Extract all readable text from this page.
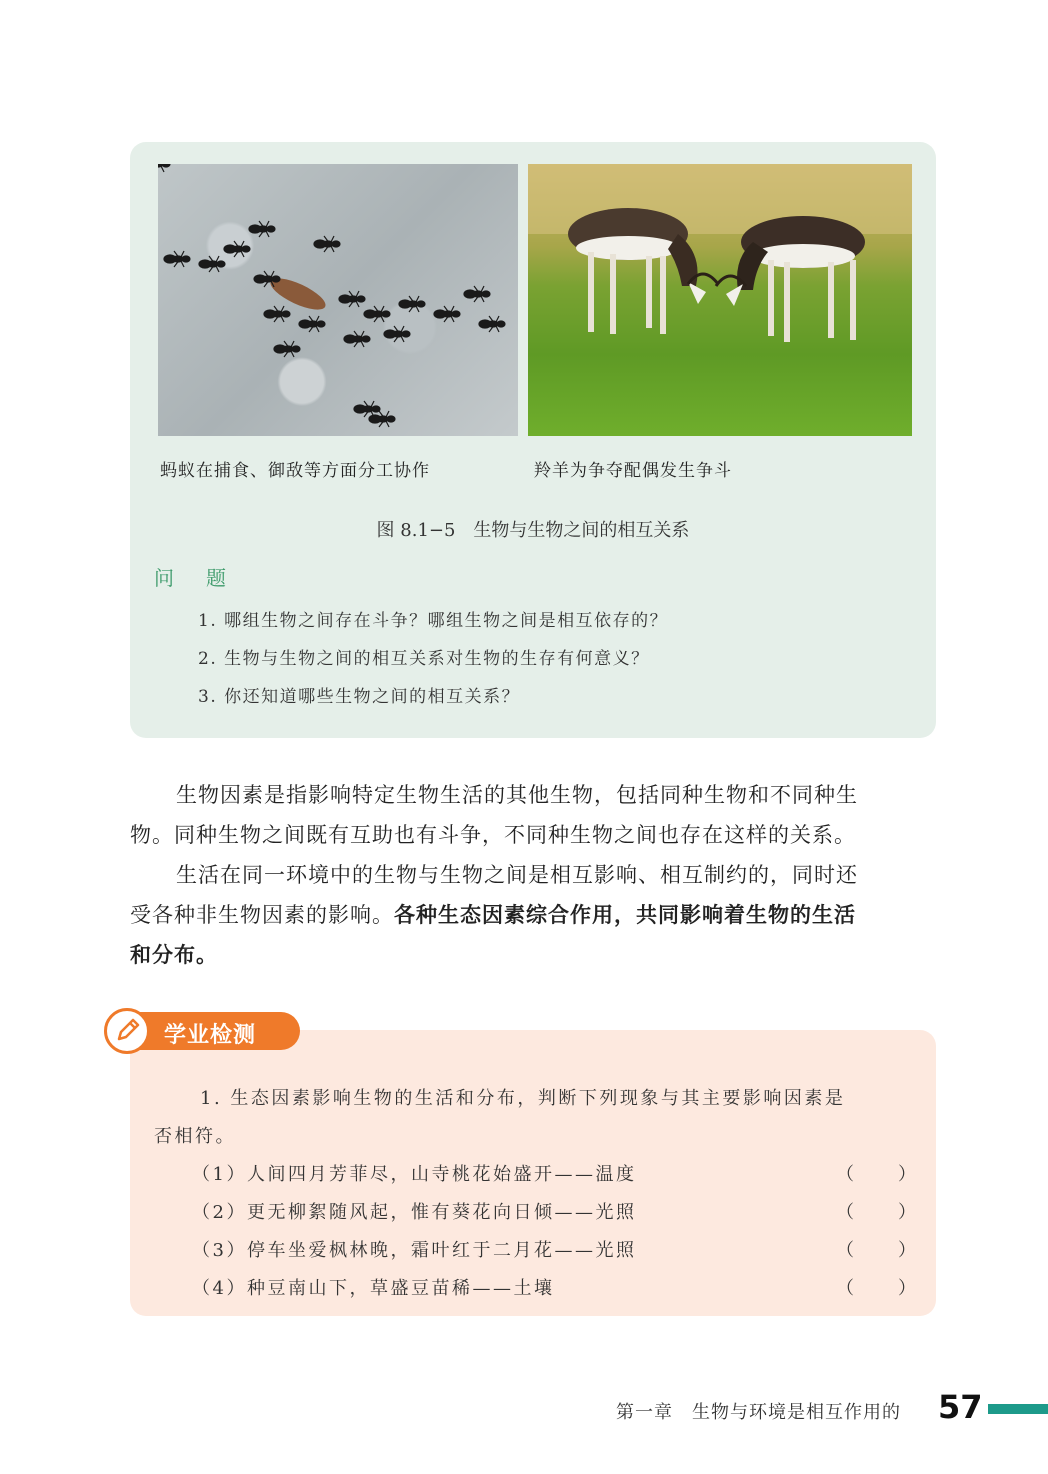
蚂蚁在捕食、御敌等方面分工协作	羚羊为争夺配偶发生争斗
图 8.1−5　生物与生物之间的相互关系
问　题
1. 哪组生物之间存在斗争？哪组生物之间是相互依存的？
2. 生物与生物之间的相互关系对生物的生存有何意义？
3. 你还知道哪些生物之间的相互关系？
生物因素是指影响特定生物生活的其他生物，包括同种生物和不同种生
物。同种生物之间既有互助也有斗争，不同种生物之间也存在这样的关系。
生活在同一环境中的生物与生物之间是相互影响、相互制约的，同时还
受各种非生物因素的影响。各种生态因素综合作用，共同影响着生物的生活
和分布。
1. 生态因素影响生物的生活和分布，判断下列现象与其主要影响因素是
否相符。
（1）人间四月芳菲尽，山寺桃花始盛开——温度
（2）更无柳絮随风起，惟有葵花向日倾——光照
（3）停车坐爱枫林晚，霜叶红于二月花——光照
（4）种豆南山下，草盛豆苗稀——土壤
（ ）
（ ）
（ ）
（ ）
学业检测
第一章　生物与环境是相互作用的 57
